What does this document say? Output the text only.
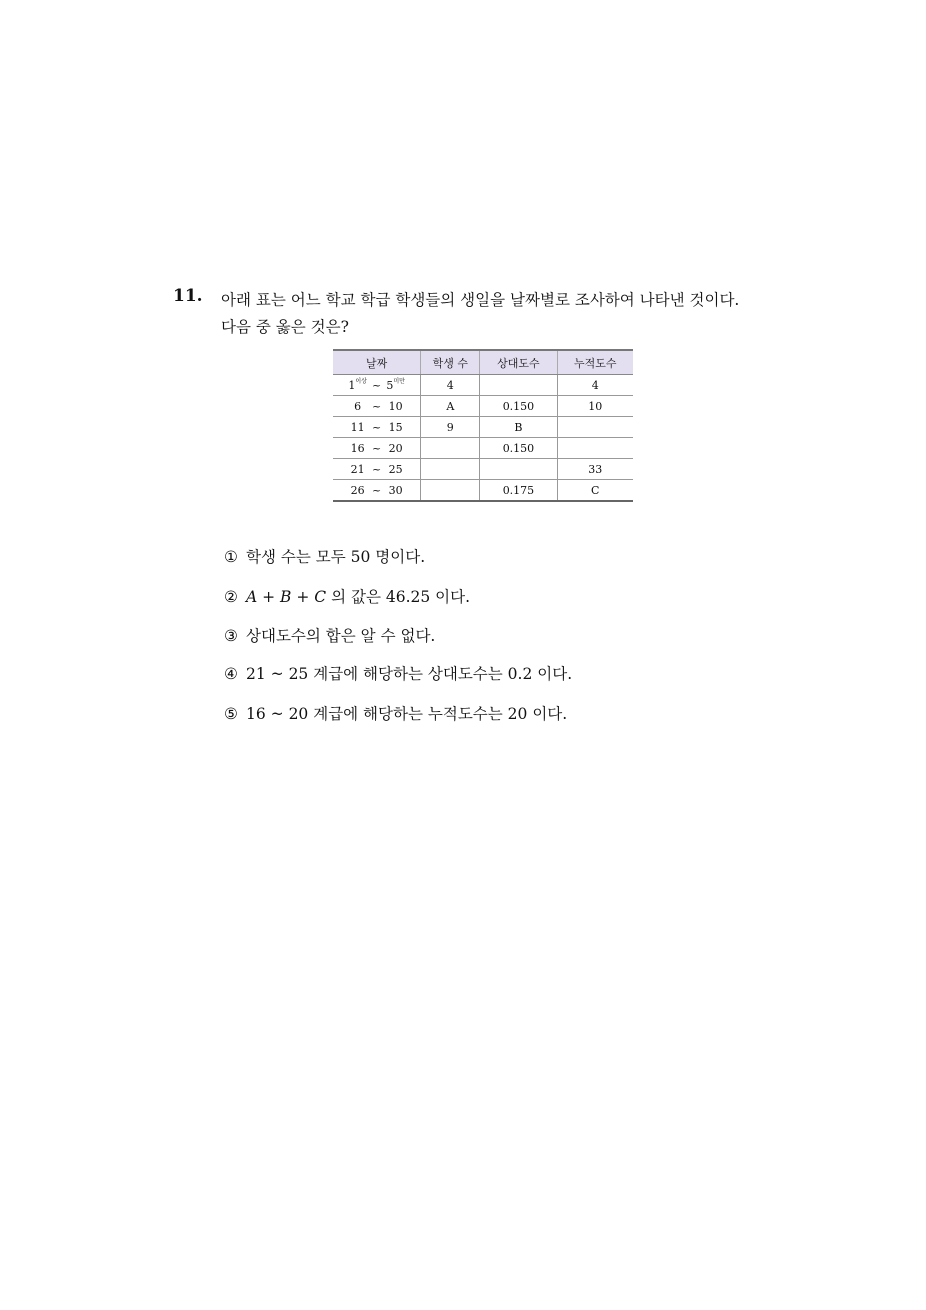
11. 아래 표는 어느 학교 학급 학생들의 생일을 날짜별로 조사하여 나타낸 것이다.
다음 중 옳은 것은?
날짜	학생 수	상대도수	누적도수
$1^{이상}$ ~ $5^{미만}$	4		4
6 ~ 10	A	0.150	10
11 ~ 15	9	B	
16 ~ 20		0.150	
21 ~ 25			33
26 ~ 30		0.175	C
① 학생 수는 모두 50 명이다.
② A + B + C 의 값은 46.25 이다.
③ 상대도수의 합은 알 수 없다.
④ 21 ~ 25 계급에 해당하는 상대도수는 0.2 이다.
⑤ 16 ~ 20 계급에 해당하는 누적도수는 20 이다.
